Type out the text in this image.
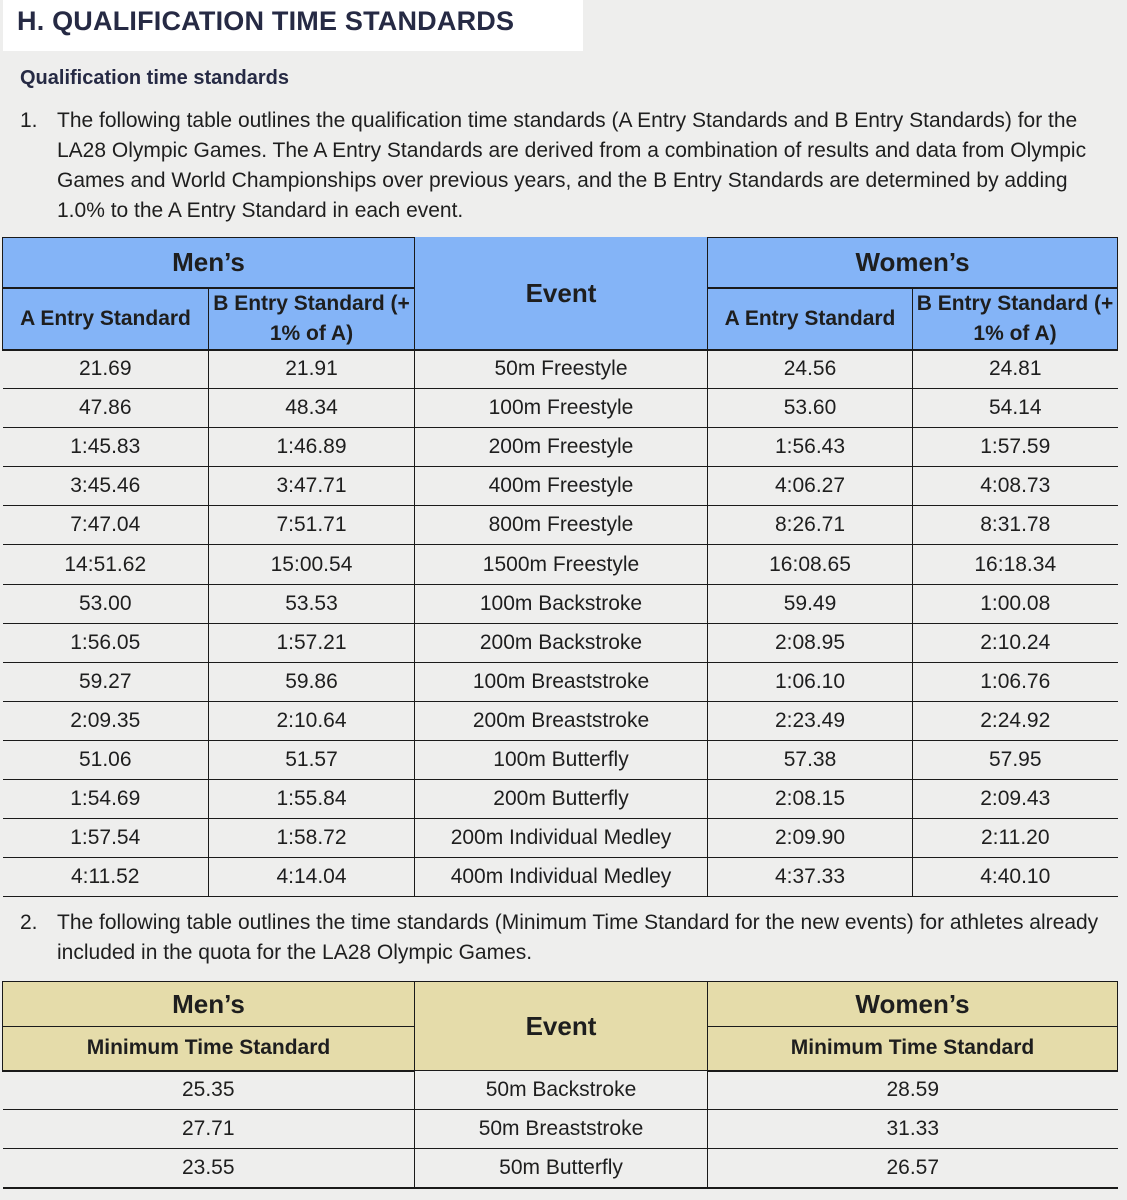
H. QUALIFICATION TIME STANDARDS
Qualification time standards
1. The following table outlines the qualification time standards (A Entry Standards and B Entry Standards) for the LA28 Olympic Games. The A Entry Standards are derived from a combination of results and data from Olympic Games and World Championships over previous years, and the B Entry Standards are determined by adding 1.0% to the A Entry Standard in each event.
Men’s		Event	Women’s	
A Entry Standard	B Entry Standard (+ 1% of A)		A Entry Standard	B Entry Standard (+ 1% of A)
21.69	21.91	50m Freestyle	24.56	24.81
47.86	48.34	100m Freestyle	53.60	54.14
1:45.83	1:46.89	200m Freestyle	1:56.43	1:57.59
3:45.46	3:47.71	400m Freestyle	4:06.27	4:08.73
7:47.04	7:51.71	800m Freestyle	8:26.71	8:31.78
14:51.62	15:00.54	1500m Freestyle	16:08.65	16:18.34
53.00	53.53	100m Backstroke	59.49	1:00.08
1:56.05	1:57.21	200m Backstroke	2:08.95	2:10.24
59.27	59.86	100m Breaststroke	1:06.10	1:06.76
2:09.35	2:10.64	200m Breaststroke	2:23.49	2:24.92
51.06	51.57	100m Butterfly	57.38	57.95
1:54.69	1:55.84	200m Butterfly	2:08.15	2:09.43
1:57.54	1:58.72	200m Individual Medley	2:09.90	2:11.20
4:11.52	4:14.04	400m Individual Medley	4:37.33	4:40.10
2. The following table outlines the time standards (Minimum Time Standard for the new events) for athletes already included in the quota for the LA28 Olympic Games.
Men’s	Event	Women’s
Minimum Time Standard		Minimum Time Standard
25.35	50m Backstroke	28.59
27.71	50m Breaststroke	31.33
23.55	50m Butterfly	26.57
